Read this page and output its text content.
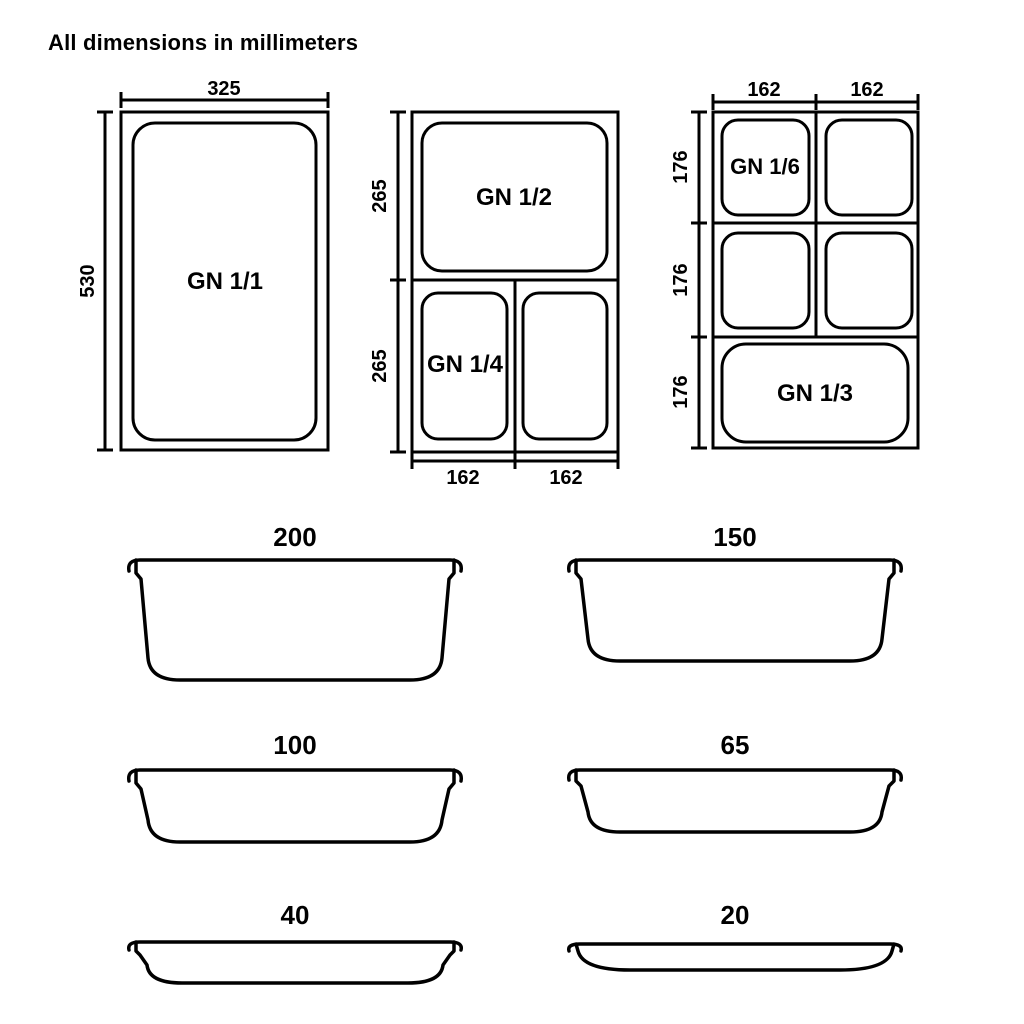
All dimensions in millimeters
325
530	GN 1/1
GN 1/2
GN 1/4
265
265
162	162
GN 1/6
GN 1/3
162	162
176
176
176
200	150
100	65
40	20
